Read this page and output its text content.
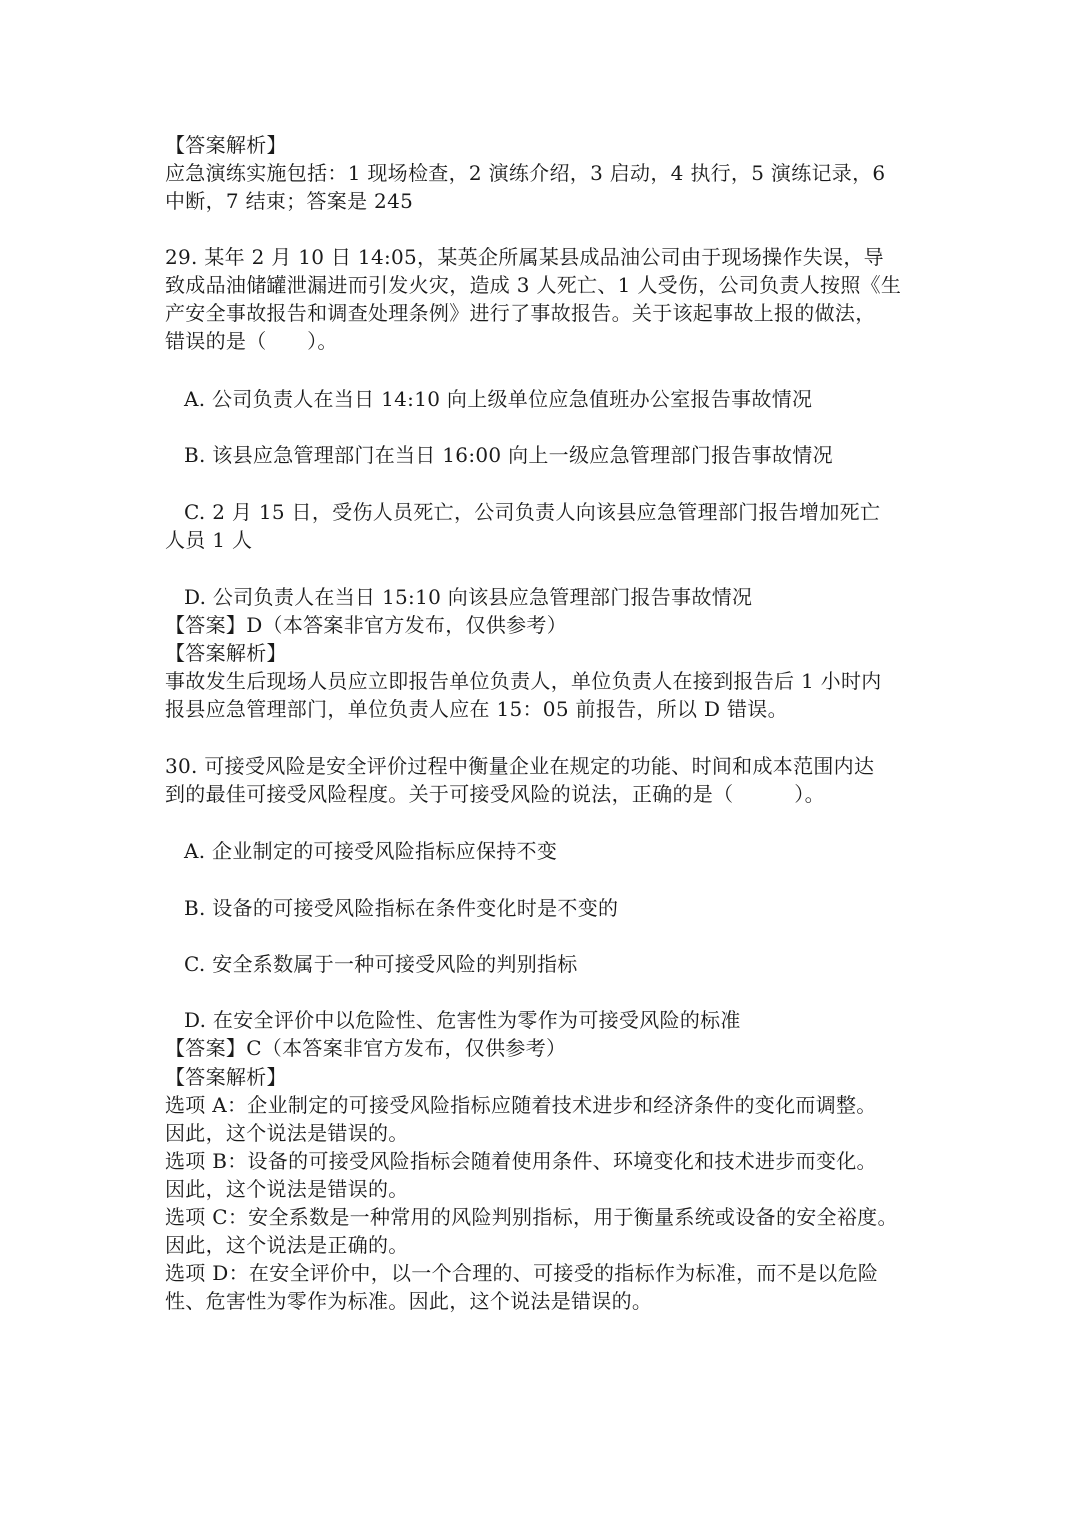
【答案解析】
应急演练实施包括：1 现场检查，2 演练介绍，3 启动，4 执行，5 演练记录，6
中断，7 结束；答案是 245
29. 某年 2 月 10 日 14:05，某英企所属某县成品油公司由于现场操作失误，导
致成品油储罐泄漏进而引发火灾，造成 3 人死亡、1 人受伤，公司负责人按照《生
产安全事故报告和调查处理条例》进行了事故报告。关于该起事故上报的做法，
错误的是（　　）。
A. 公司负责人在当日 14:10 向上级单位应急值班办公室报告事故情况
B. 该县应急管理部门在当日 16:00 向上一级应急管理部门报告事故情况
C. 2 月 15 日，受伤人员死亡，公司负责人向该县应急管理部门报告增加死亡
人员 1 人
D. 公司负责人在当日 15:10 向该县应急管理部门报告事故情况
【答案】D（本答案非官方发布，仅供参考）
【答案解析】
事故发生后现场人员应立即报告单位负责人，单位负责人在接到报告后 1 小时内
报县应急管理部门，单位负责人应在 15：05 前报告，所以 D 错误。
30. 可接受风险是安全评价过程中衡量企业在规定的功能、时间和成本范围内达
到的最佳可接受风险程度。关于可接受风险的说法，正确的是（　　　）。
A. 企业制定的可接受风险指标应保持不变
B. 设备的可接受风险指标在条件变化时是不变的
C. 安全系数属于一种可接受风险的判别指标
D. 在安全评价中以危险性、危害性为零作为可接受风险的标准
【答案】C（本答案非官方发布，仅供参考）
【答案解析】
选项 A：企业制定的可接受风险指标应随着技术进步和经济条件的变化而调整。
因此，这个说法是错误的。
选项 B：设备的可接受风险指标会随着使用条件、环境变化和技术进步而变化。
因此，这个说法是错误的。
选项 C：安全系数是一种常用的风险判别指标，用于衡量系统或设备的安全裕度。
因此，这个说法是正确的。
选项 D：在安全评价中，以一个合理的、可接受的指标作为标准，而不是以危险
性、危害性为零作为标准。因此，这个说法是错误的。
